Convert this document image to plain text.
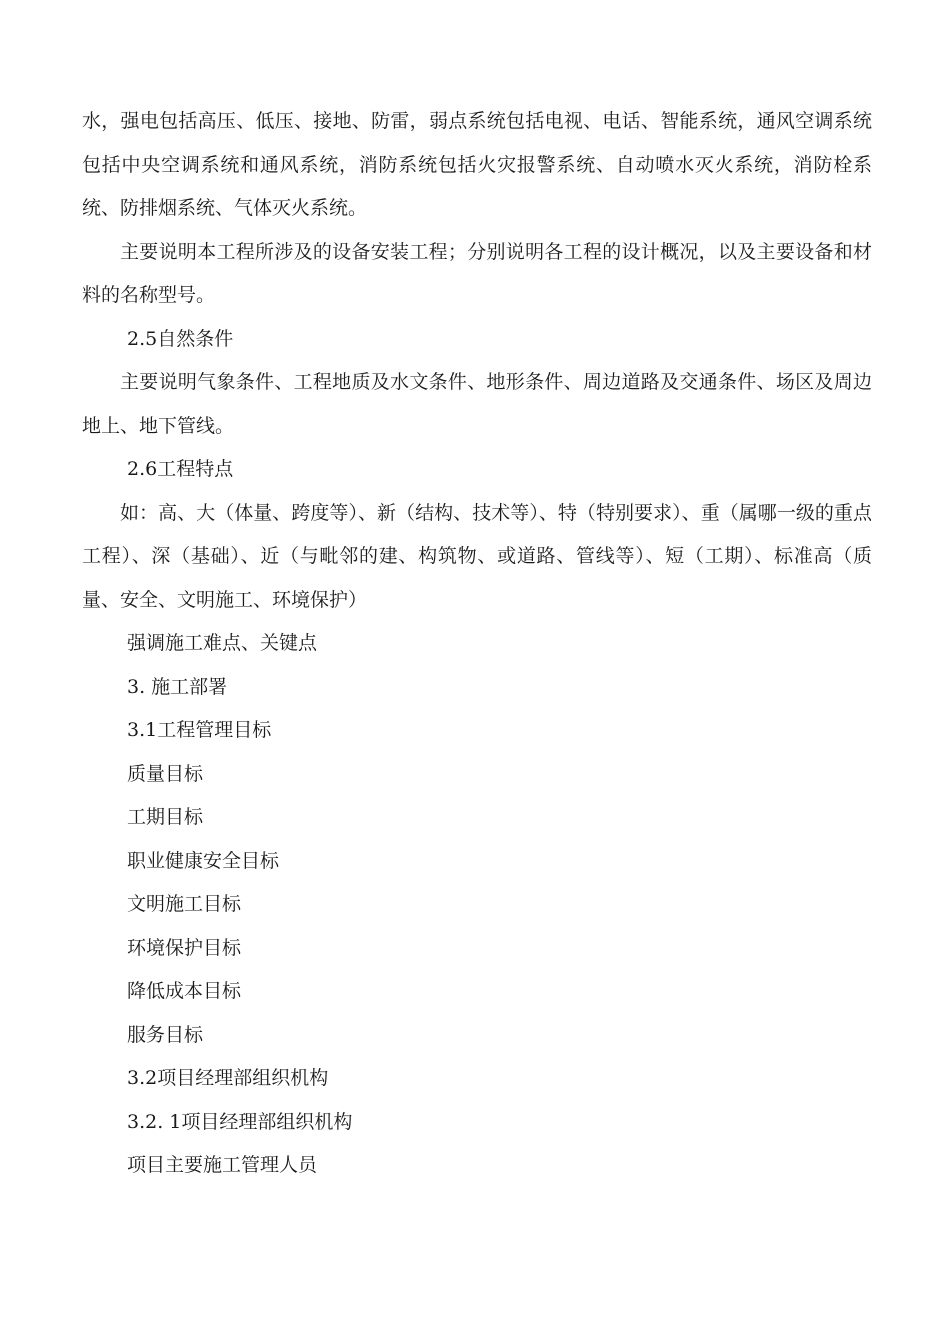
水，强电包括高压、低压、接地、防雷，弱点系统包括电视、电话、智能系统，通风空调系统包括中央空调系统和通风系统，消防系统包括火灾报警系统、自动喷水灭火系统，消防栓系统、防排烟系统、气体灭火系统。

主要说明本工程所涉及的设备安装工程；分别说明各工程的设计概况，以及主要设备和材料的名称型号。

2.5自然条件

主要说明气象条件、工程地质及水文条件、地形条件、周边道路及交通条件、场区及周边地上、地下管线。

2.6工程特点

如：高、大（体量、跨度等）、新（结构、技术等）、特（特别要求）、重（属哪一级的重点工程）、深（基础）、近（与毗邻的建、构筑物、或道路、管线等）、短（工期）、标准高（质量、安全、文明施工、环境保护）

强调施工难点、关键点

3. 施工部署

3.1工程管理目标

质量目标

工期目标

职业健康安全目标

文明施工目标

环境保护目标

降低成本目标

服务目标

3.2项目经理部组织机构

3.2. 1项目经理部组织机构

项目主要施工管理人员
